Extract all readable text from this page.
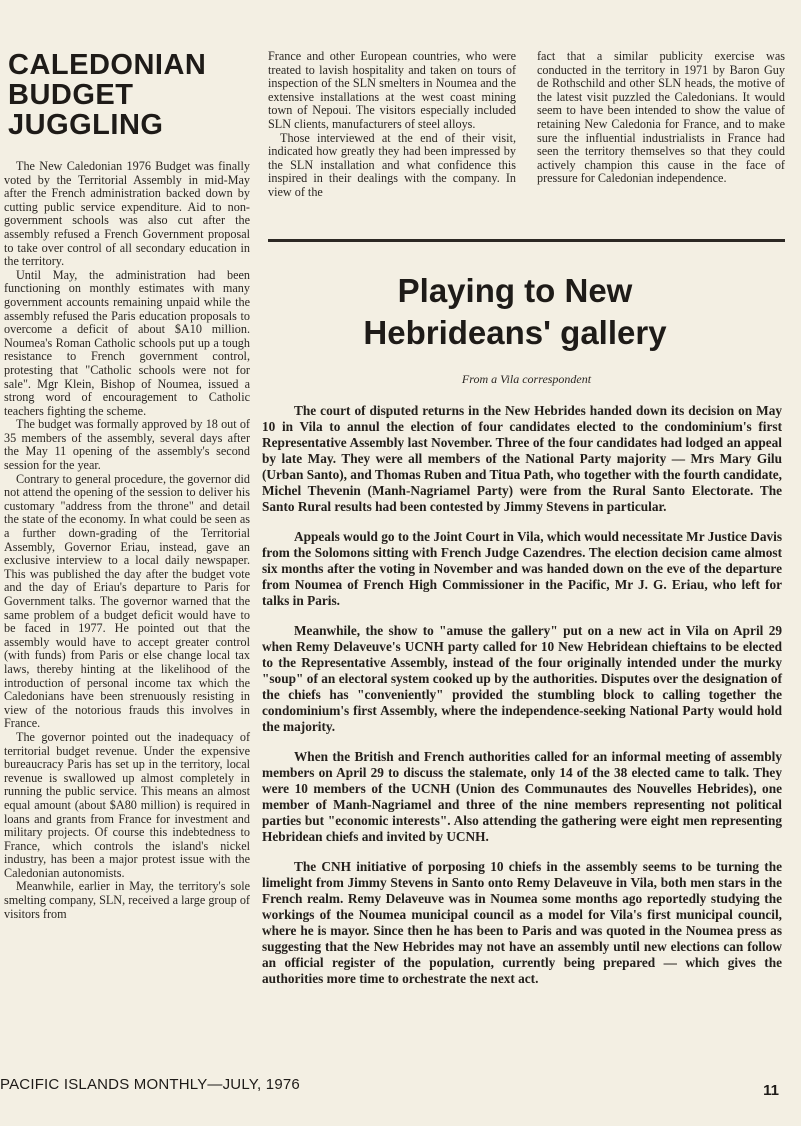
CALEDONIAN BUDGET JUGGLING

The New Caledonian 1976 Budget was finally voted by the Territorial Assembly in mid-May after the French administration backed down by cutting public service expenditure. Aid to non-government schools was also cut after the assembly refused a French Government proposal to take over control of all secondary education in the territory.

Until May, the administration had been functioning on monthly estimates with many government accounts remaining unpaid while the assembly refused the Paris education proposals to overcome a deficit of about $A10 million. Noumea's Roman Catholic schools put up a tough resistance to French government control, protesting that "Catholic schools were not for sale". Mgr Klein, Bishop of Noumea, issued a strong word of encouragement to Catholic teachers fighting the scheme.

The budget was formally approved by 18 out of 35 members of the assembly, several days after the May 11 opening of the assembly's second session for the year.

Contrary to general procedure, the governor did not attend the opening of the session to deliver his customary "address from the throne" and detail the state of the economy. In what could be seen as a further down-grading of the Territorial Assembly, Governor Eriau, instead, gave an exclusive interview to a local daily newspaper. This was published the day after the budget vote and the day of Eriau's departure to Paris for Government talks. The governor warned that the same problem of a budget deficit would have to be faced in 1977. He pointed out that the assembly would have to accept greater control (with funds) from Paris or else change local tax laws, thereby hinting at the likelihood of the introduction of personal income tax which the Caledonians have been strenuously resisting in view of the notorious frauds this involves in France.

The governor pointed out the inadequacy of territorial budget revenue. Under the expensive bureaucracy Paris has set up in the territory, local revenue is swallowed up almost completely in running the public service. This means an almost equal amount (about $A80 million) is required in loans and grants from France for investment and military projects. Of course this indebtedness to France, which controls the island's nickel industry, has been a major protest issue with the Caledonian autonomists.

Meanwhile, earlier in May, the territory's sole smelting company, SLN, received a large group of visitors from

France and other European countries, who were treated to lavish hospitality and taken on tours of inspection of the SLN smelters in Noumea and the extensive installations at the west coast mining town of Nepoui. The visitors especially included SLN clients, manufacturers of steel alloys.

Those interviewed at the end of their visit, indicated how greatly they had been impressed by the SLN installation and what confidence this inspired in their dealings with the company. In view of the

fact that a similar publicity exercise was conducted in the territory in 1971 by Baron Guy de Rothschild and other SLN heads, the motive of the latest visit puzzled the Caledonians. It would seem to have been intended to show the value of retaining New Caledonia for France, and to make sure the influential industrialists in France had seen the territory themselves so that they could actively champion this cause in the face of pressure for Caledonian independence.

Playing to New
Hebrideans' gallery
From a Vila correspondent

The court of disputed returns in the New Hebrides handed down its decision on May 10 in Vila to annul the election of four candidates elected to the condominium's first Representative Assembly last November. Three of the four candidates had lodged an appeal by late May. They were all members of the National Party majority — Mrs Mary Gilu (Urban Santo), and Thomas Ruben and Titua Path, who together with the fourth candidate, Michel Thevenin (Manh-Nagriamel Party) were from the Rural Santo Electorate. The Santo Rural results had been contested by Jimmy Stevens in particular.

Appeals would go to the Joint Court in Vila, which would necessitate Mr Justice Davis from the Solomons sitting with French Judge Cazendres. The election decision came almost six months after the voting in November and was handed down on the eve of the departure from Noumea of French High Commissioner in the Pacific, Mr J. G. Eriau, who left for talks in Paris.

Meanwhile, the show to "amuse the gallery" put on a new act in Vila on April 29 when Remy Delaveuve's UCNH party called for 10 New Hebridean chieftains to be elected to the Representative Assembly, instead of the four originally intended under the murky "soup" of an electoral system cooked up by the authorities. Disputes over the designation of the chiefs has "conveniently" provided the stumbling block to calling together the condominium's first Assembly, where the independence-seeking National Party would hold the majority.

When the British and French authorities called for an informal meeting of assembly members on April 29 to discuss the stalemate, only 14 of the 38 elected came to talk. They were 10 members of the UCNH (Union des Communautes des Nouvelles Hebrides), one member of Manh-Nagriamel and three of the nine members representing not political parties but "economic interests". Also attending the gathering were eight men representing Hebridean chiefs and invited by UCNH.

The CNH initiative of porposing 10 chiefs in the assembly seems to be turning the limelight from Jimmy Stevens in Santo onto Remy Delaveuve in Vila, both men stars in the French realm. Remy Delaveuve was in Noumea some months ago reportedly studying the workings of the Noumea municipal council as a model for Vila's first municipal council, where he is mayor. Since then he has been to Paris and was quoted in the Noumea press as suggesting that the New Hebrides may not have an assembly until new elections can follow an official register of the population, currently being prepared — which gives the authorities more time to orchestrate the next act.

PACIFIC ISLANDS MONTHLY—JULY, 1976	11
